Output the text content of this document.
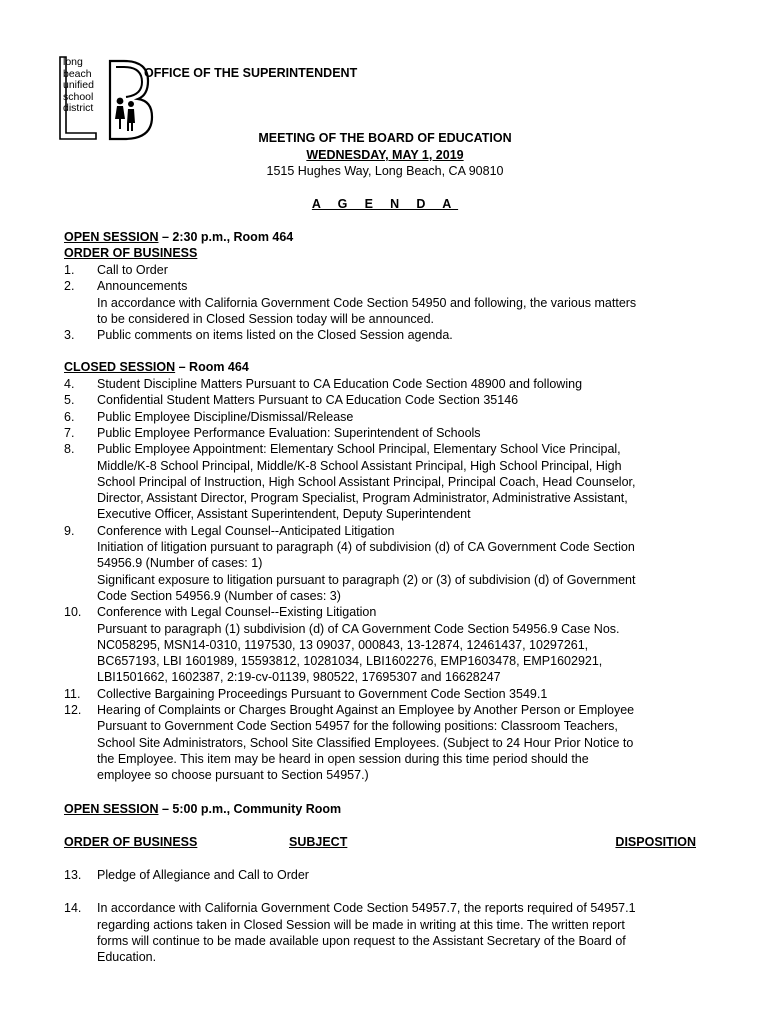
long
beach
unified
school
district
OFFICE OF THE SUPERINTENDENT
MEETING OF THE BOARD OF EDUCATION
WEDNESDAY, MAY 1, 2019
1515 Hughes Way, Long Beach, CA 90810
A G E N D A
OPEN SESSION – 2:30 p.m., Room 464
ORDER OF BUSINESS
1. Call to Order
2. Announcements
In accordance with California Government Code Section 54950 and following, the various matters
to be considered in Closed Session today will be announced.
3. Public comments on items listed on the Closed Session agenda.
CLOSED SESSION – Room 464
4. Student Discipline Matters Pursuant to CA Education Code Section 48900 and following
5. Confidential Student Matters Pursuant to CA Education Code Section 35146
6. Public Employee Discipline/Dismissal/Release
7. Public Employee Performance Evaluation: Superintendent of Schools
8. Public Employee Appointment: Elementary School Principal, Elementary School Vice Principal,
Middle/K-8 School Principal, Middle/K-8 School Assistant Principal, High School Principal, High
School Principal of Instruction, High School Assistant Principal, Principal Coach, Head Counselor,
Director, Assistant Director, Program Specialist, Program Administrator, Administrative Assistant,
Executive Officer, Assistant Superintendent, Deputy Superintendent
9. Conference with Legal Counsel--Anticipated Litigation
Initiation of litigation pursuant to paragraph (4) of subdivision (d) of CA Government Code Section
54956.9 (Number of cases: 1)
Significant exposure to litigation pursuant to paragraph (2) or (3) of subdivision (d) of Government
Code Section 54956.9 (Number of cases: 3)
10. Conference with Legal Counsel--Existing Litigation
Pursuant to paragraph (1) subdivision (d) of CA Government Code Section 54956.9 Case Nos.
NC058295, MSN14-0310, 1197530, 13 09037, 000843, 13-12874, 12461437, 10297261,
BC657193, LBI 1601989, 15593812, 10281034, LBI1602276, EMP1603478, EMP1602921,
LBI1501662, 1602387, 2:19-cv-01139, 980522, 17695307 and 16628247
11. Collective Bargaining Proceedings Pursuant to Government Code Section 3549.1
12. Hearing of Complaints or Charges Brought Against an Employee by Another Person or Employee
Pursuant to Government Code Section 54957 for the following positions: Classroom Teachers,
School Site Administrators, School Site Classified Employees. (Subject to 24 Hour Prior Notice to
the Employee. This item may be heard in open session during this time period should the
employee so choose pursuant to Section 54957.)
OPEN SESSION – 5:00 p.m., Community Room
ORDER OF BUSINESS	SUBJECT	DISPOSITION
13. Pledge of Allegiance and Call to Order
14. In accordance with California Government Code Section 54957.7, the reports required of 54957.1
regarding actions taken in Closed Session will be made in writing at this time. The written report
forms will continue to be made available upon request to the Assistant Secretary of the Board of
Education.
